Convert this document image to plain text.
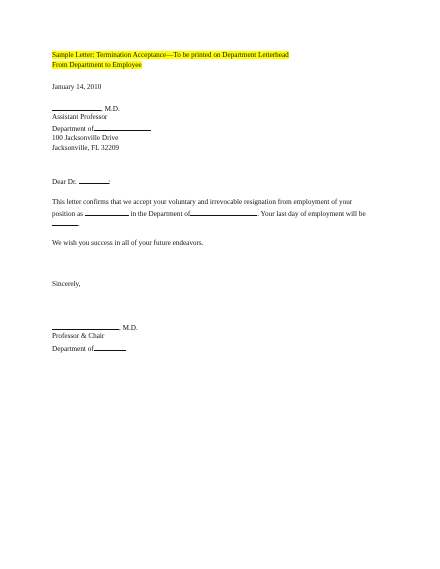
Sample Letter: Termination Acceptance—To be printed on Department Letterhead
From Department to Employee
January 14, 2010
, M.D.
Assistant Professor
Department of
100 Jacksonville Drive
Jacksonville, FL 32209
Dear Dr.	:
This letter confirms that we accept your voluntary and irrevocable resignation from employment of your
position as	in the Department of	. Your last day of employment will be
.
We wish you success in all of your future endeavors.
Sincerely,
, M.D.
Professor & Chair
Department of
